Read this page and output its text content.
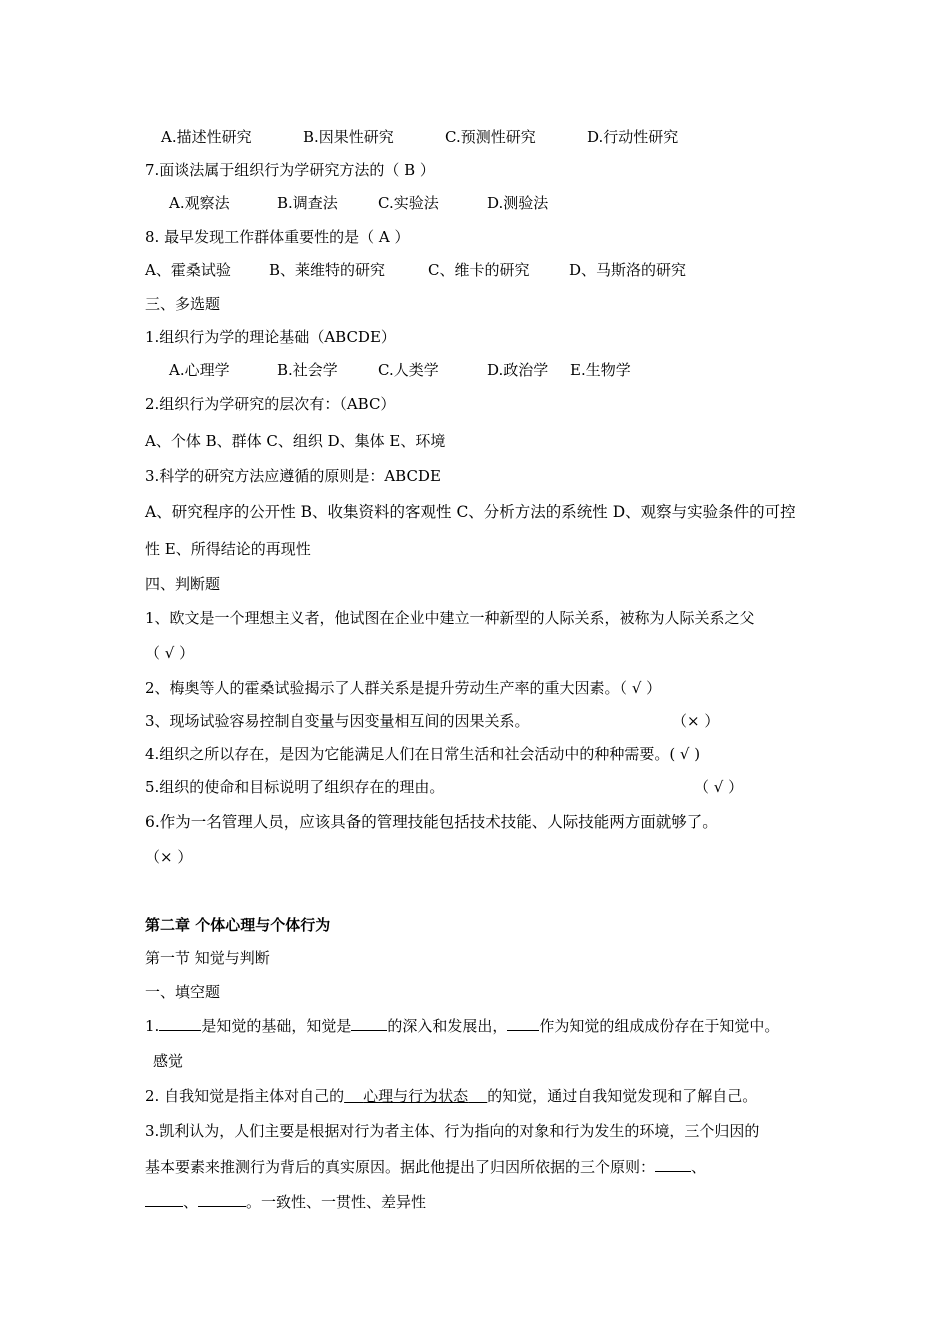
A.描述性研究	B.因果性研究	C.预测性研究	D.行动性研究
7.面谈法属于组织行为学研究方法的（ B ）
A.观察法	B.调查法	C.实验法	D.测验法
8. 最早发现工作群体重要性的是（ A ）
A、霍桑试验	B、莱维特的研究	C、维卡的研究	D、马斯洛的研究
三、多选题
1.组织行为学的理论基础（ABCDE）
A.心理学	B.社会学	C.人类学	D.政治学 E.生物学
2.组织行为学研究的层次有：（ABC）
A、个体 B、群体 C、组织 D、集体 E、环境
3.科学的研究方法应遵循的原则是：ABCDE
A、研究程序的公开性 B、收集资料的客观性 C、分析方法的系统性 D、观察与实验条件的可控
性 E、所得结论的再现性
四、判断题
1、欧文是一个理想主义者，他试图在企业中建立一种新型的人际关系，被称为人际关系之父
（ √ ）
2、梅奥等人的霍桑试验揭示了人群关系是提升劳动生产率的重大因素。（ √ ）
3、现场试验容易控制自变量与因变量相互间的因果关系。	（× ）
4.组织之所以存在，是因为它能满足人们在日常生活和社会活动中的种种需要。( √ )
5.组织的使命和目标说明了组织存在的理由。	（ √ ）
6.作为一名管理人员，应该具备的管理技能包括技术技能、人际技能两方面就够了。
（× ）
第二章 个体心理与个体行为
第一节 知觉与判断
一、填空题
1.	是知觉的基础，知觉是 的深入和发展出， 作为知觉的组成成份存在于知觉中。
感觉
2. 自我知觉是指主体对自己的 心理与行为状态 的知觉，通过自我知觉发现和了解自己。
3.凯利认为，人们主要是根据对行为者主体、行为指向的对象和行为发生的环境，三个归因的
基本要素来推测行为背后的真实原因。据此他提出了归因所依据的三个原则： 、
、	。一致性、一贯性、差异性
